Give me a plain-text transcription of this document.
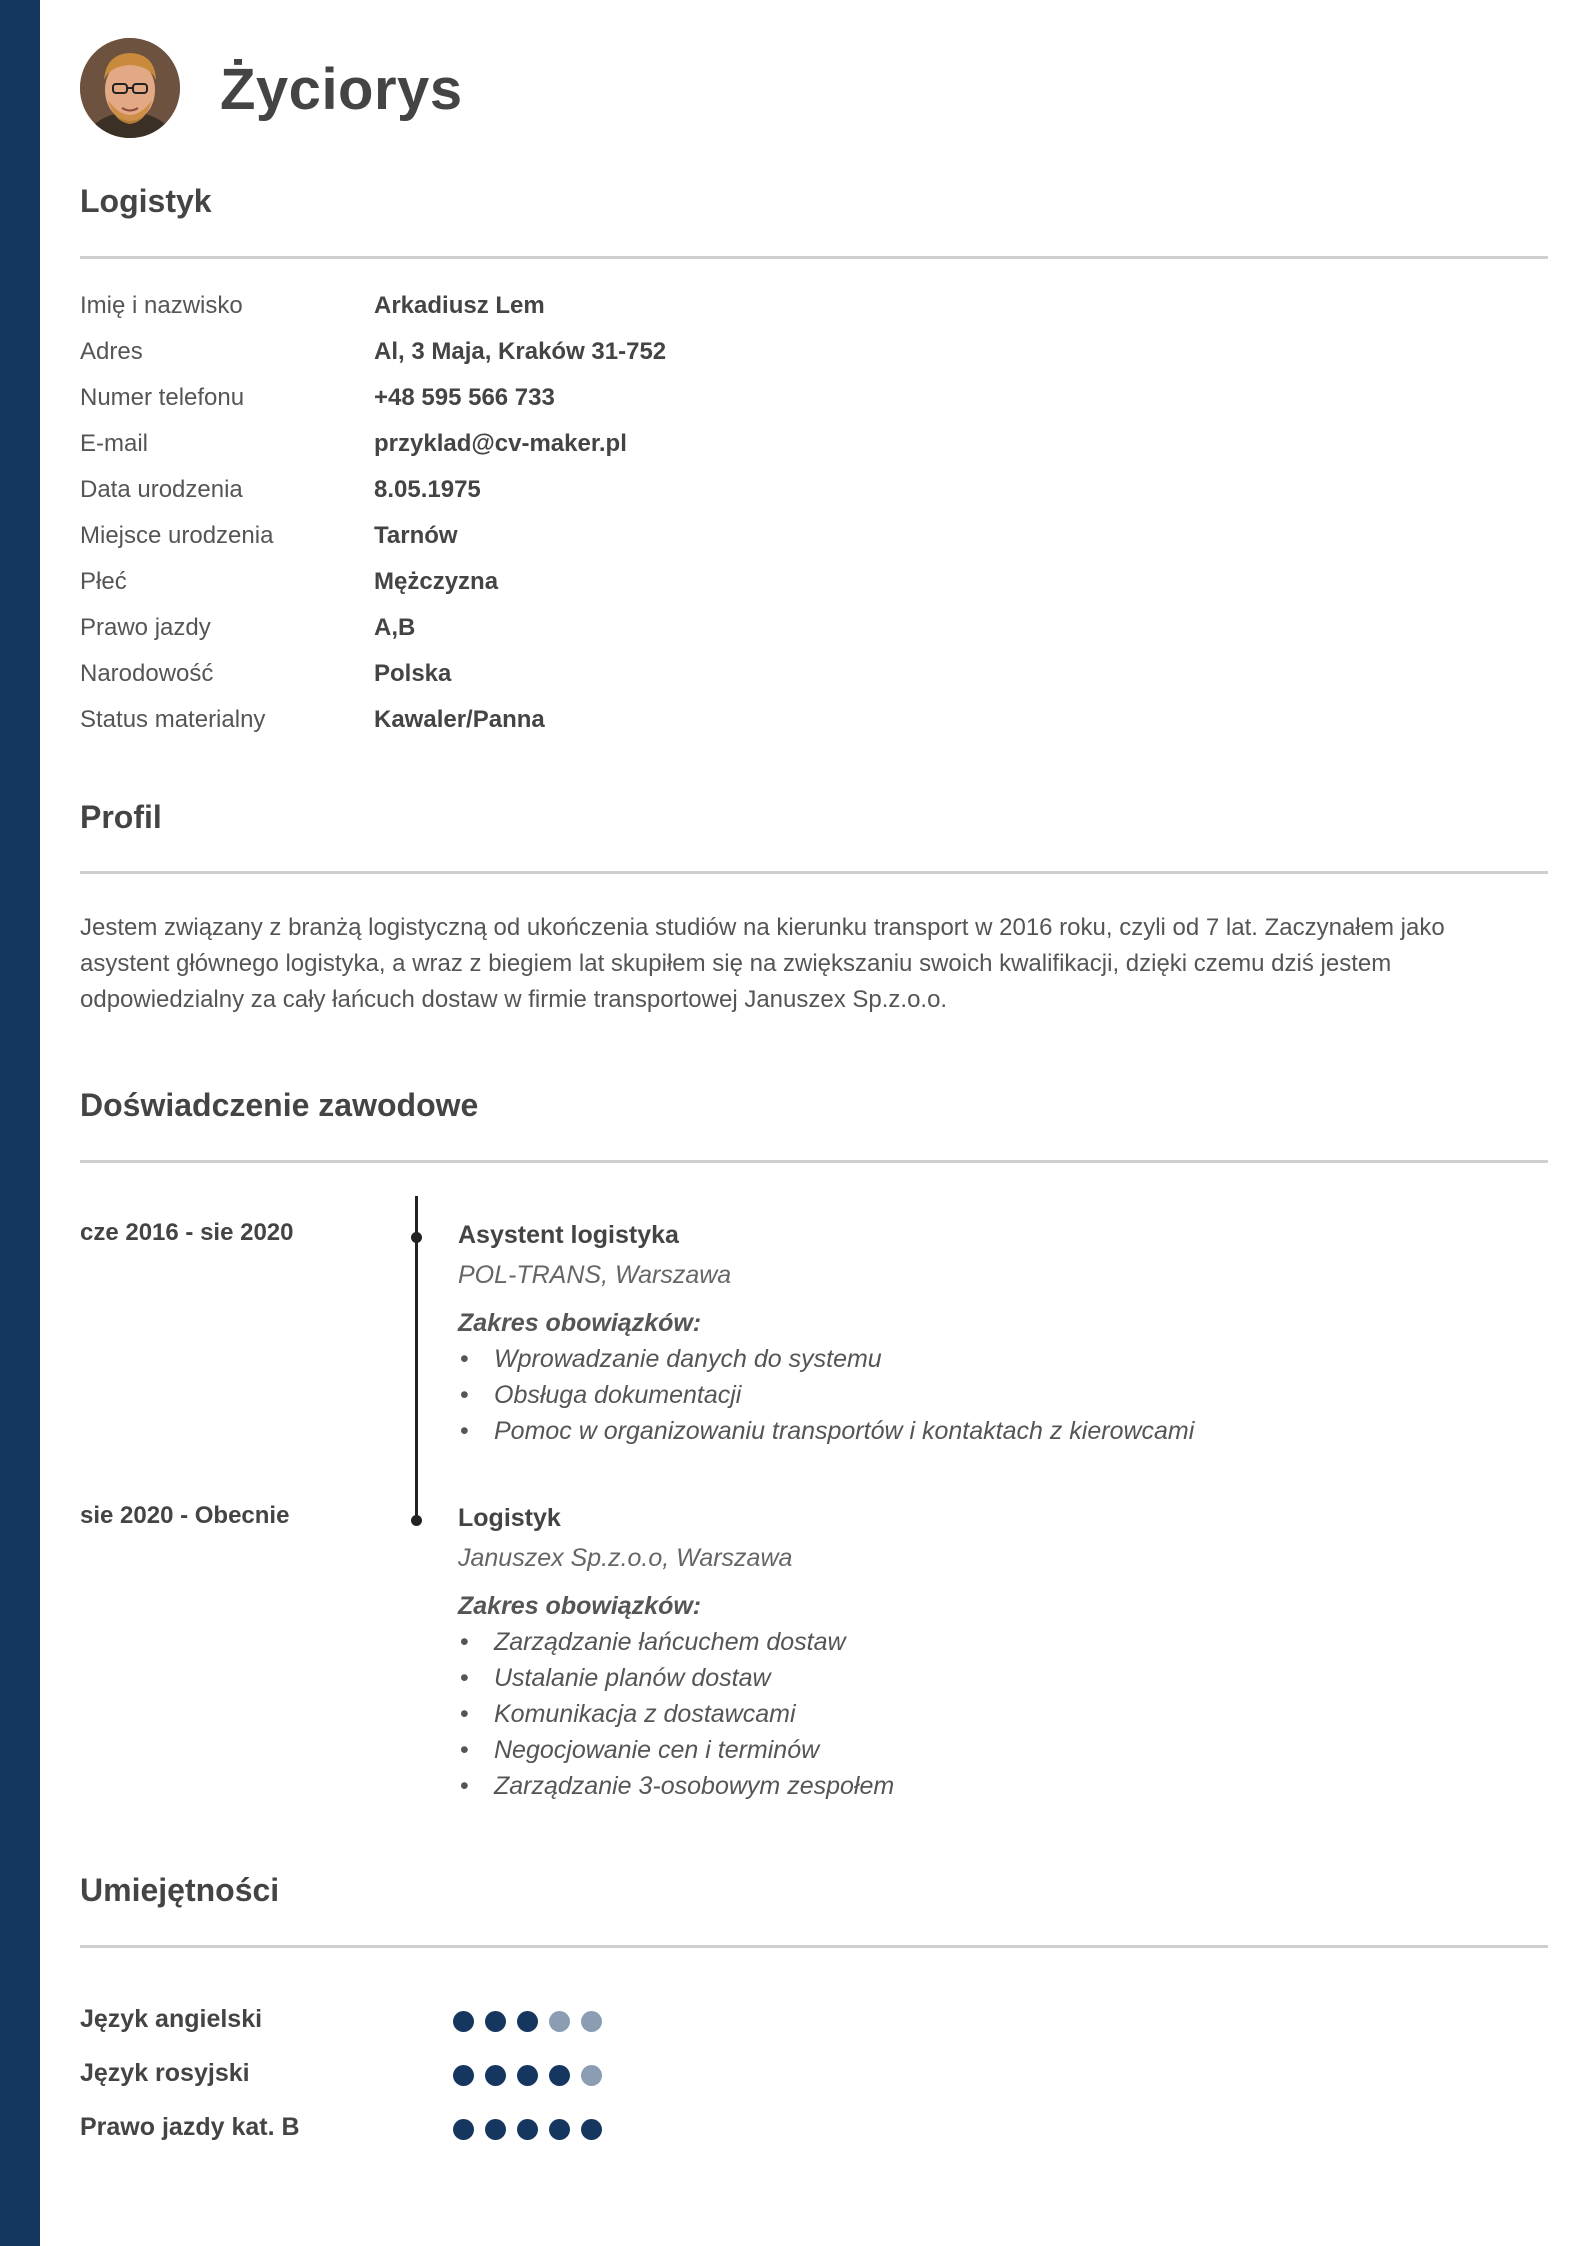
Życiorys
Logistyk
Imię i nazwisko	Arkadiusz Lem
Adres	Al, 3 Maja, Kraków 31-752
Numer telefonu	+48 595 566 733
E-mail	przyklad@cv-maker.pl
Data urodzenia	8.05.1975
Miejsce urodzenia	Tarnów
Płeć	Mężczyzna
Prawo jazdy	A,B
Narodowość	Polska
Status materialny	Kawaler/Panna
Profil
Jestem związany z branżą logistyczną od ukończenia studiów na kierunku transport w 2016 roku, czyli od 7 lat. Zaczynałem jako asystent głównego logistyka, a wraz z biegiem lat skupiłem się na zwiększaniu swoich kwalifikacji, dzięki czemu dziś jestem odpowiedzialny za cały łańcuch dostaw w firmie transportowej Januszex Sp.z.o.o.
Doświadczenie zawodowe
cze 2016 - sie 2020	Asystent logistyka
POL-TRANS, Warszawa
Zakres obowiązków:
• Wprowadzanie danych do systemu
• Obsługa dokumentacji
• Pomoc w organizowaniu transportów i kontaktach z kierowcami
sie 2020 - Obecnie	Logistyk
Januszex Sp.z.o.o, Warszawa
Zakres obowiązków:
• Zarządzanie łańcuchem dostaw
• Ustalanie planów dostaw
• Komunikacja z dostawcami
• Negocjowanie cen i terminów
• Zarządzanie 3-osobowym zespołem
Umiejętności
Język angielski
Język rosyjski
Prawo jazdy kat. B
